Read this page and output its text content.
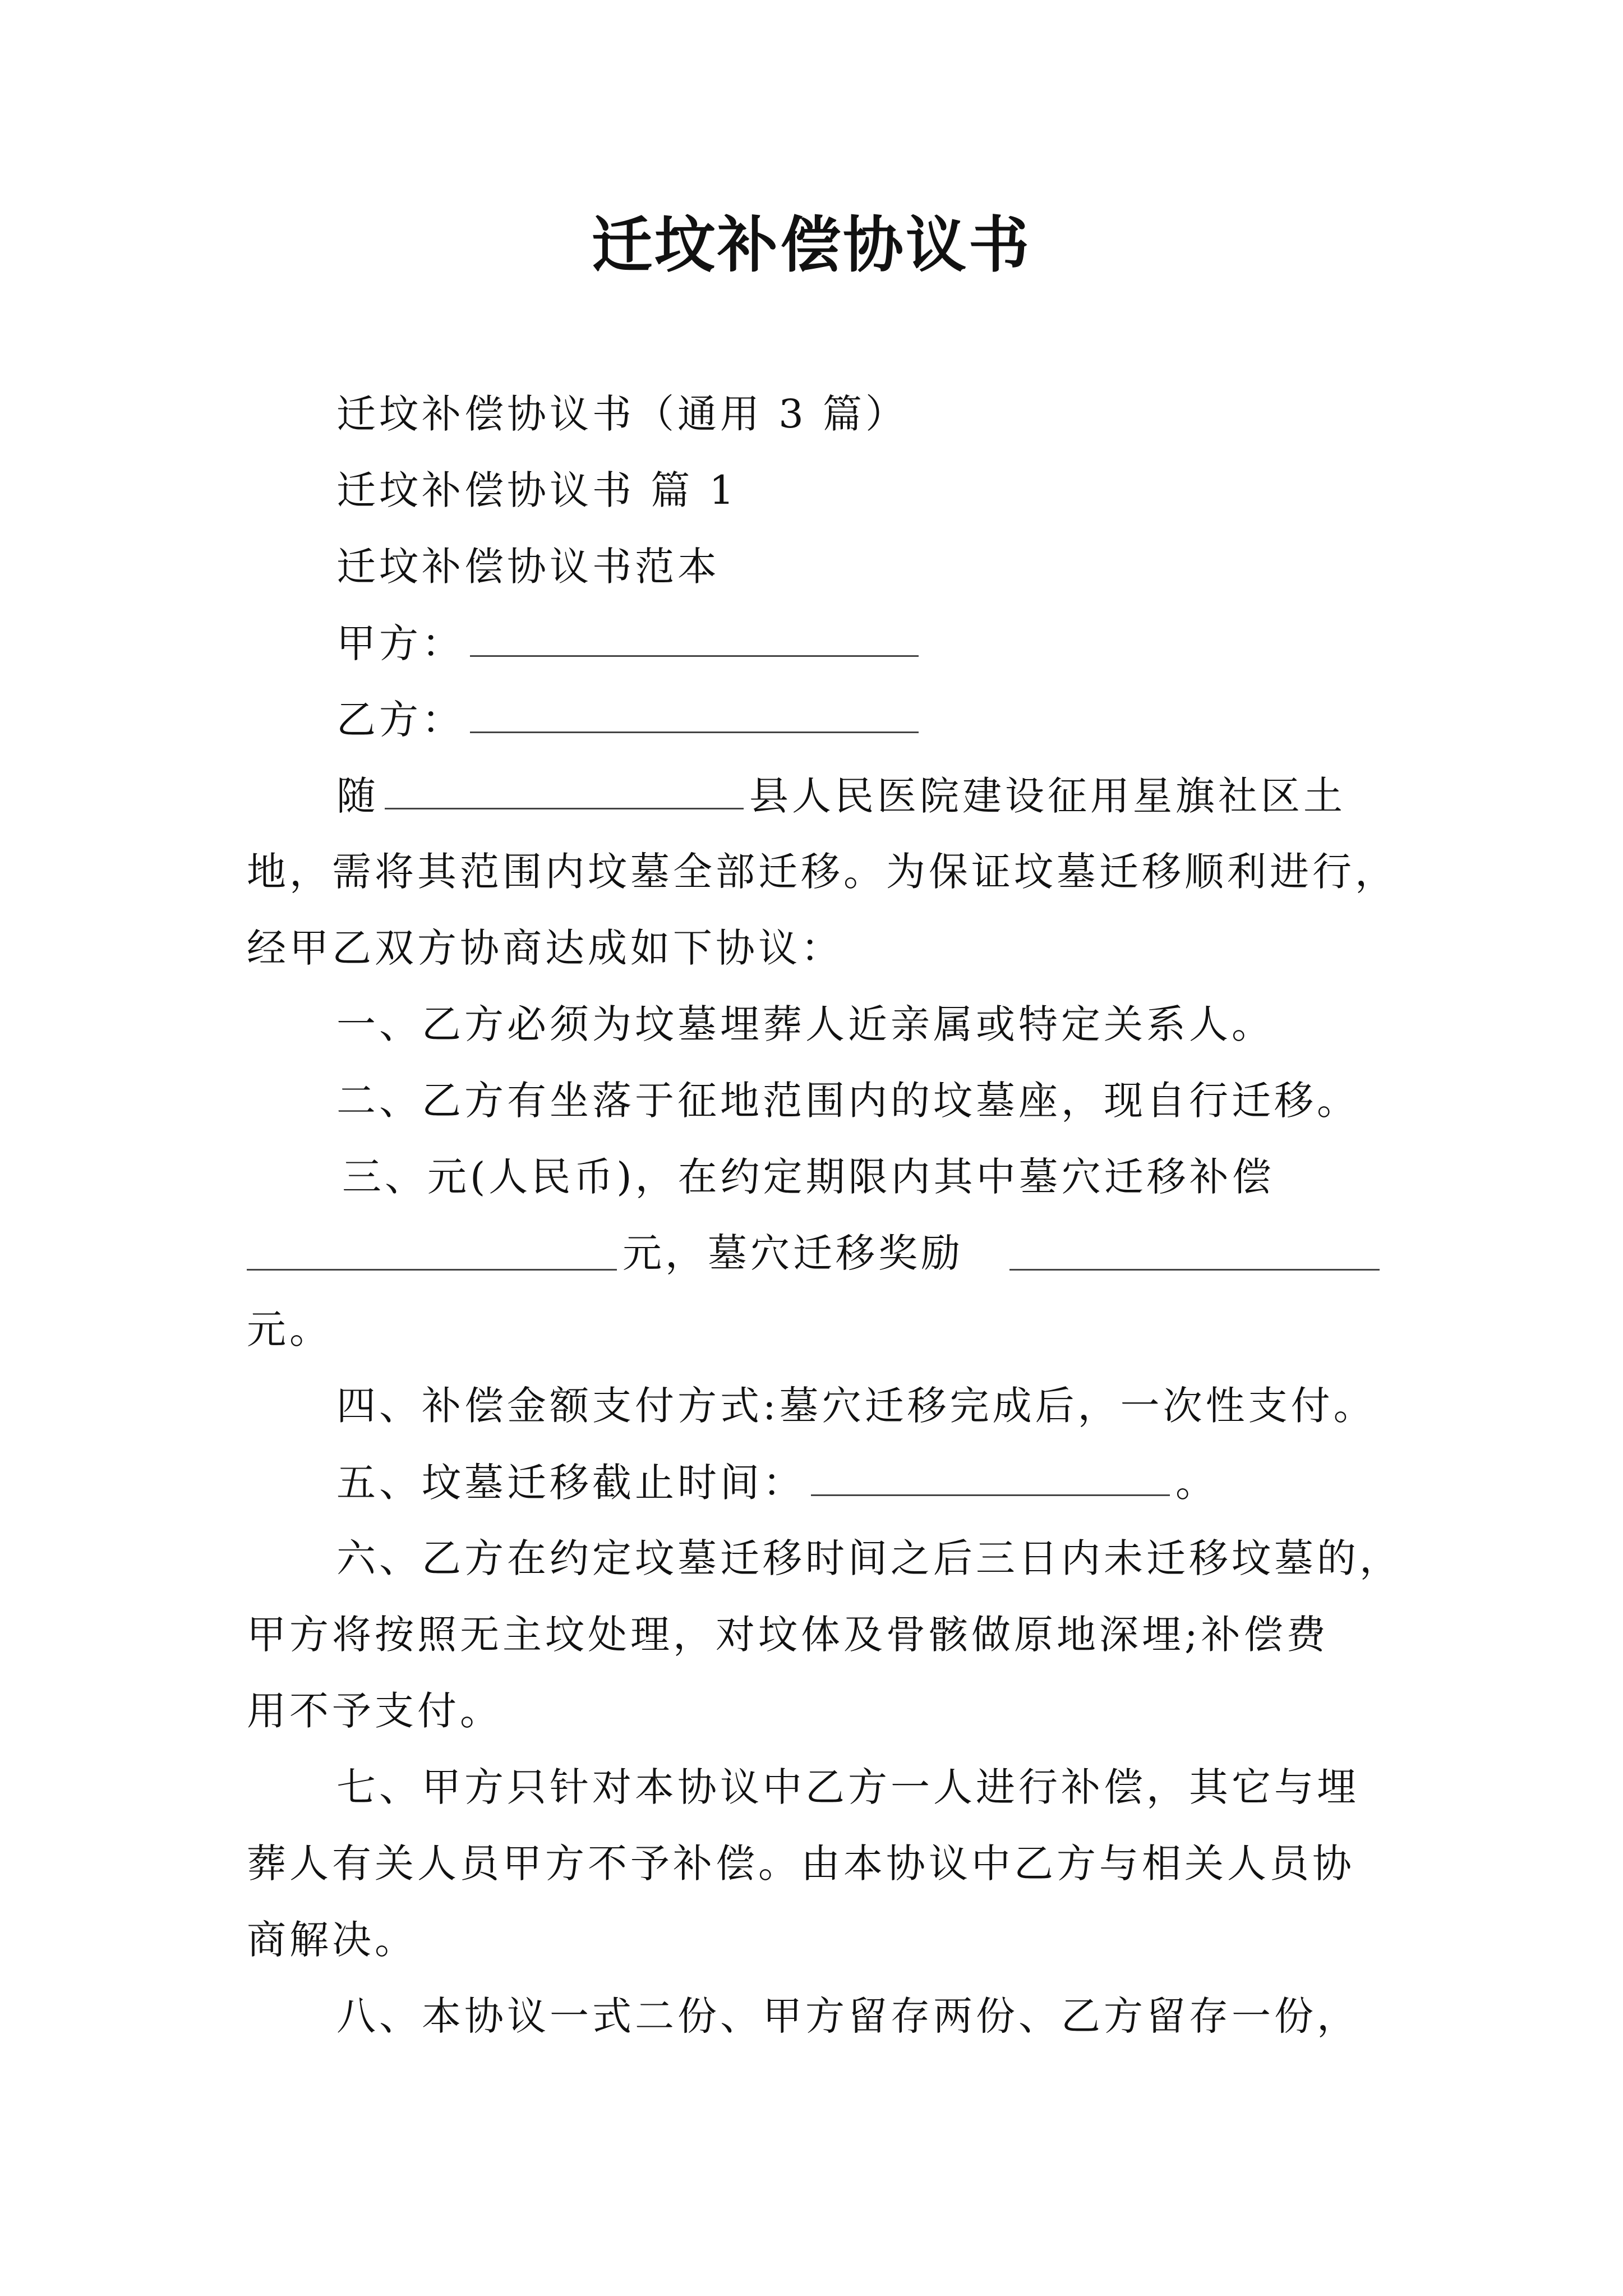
迁坟补偿协议书
迁坟补偿协议书（通用 3 篇）
迁坟补偿协议书 篇 1
迁坟补偿协议书范本
甲方：
乙方：
随	县人民医院建设征用星旗社区土
地，需将其范围内坟墓全部迁移。为保证坟墓迁移顺利进行，
经甲乙双方协商达成如下协议：
一、乙方必须为坟墓埋葬人近亲属或特定关系人。
二、乙方有坐落于征地范围内的坟墓座，现自行迁移。
三、元(人民币)，在约定期限内其中墓穴迁移补偿
元，墓穴迁移奖励
元。
四、补偿金额支付方式:墓穴迁移完成后，一次性支付。
五、坟墓迁移截止时间：	。
六、乙方在约定坟墓迁移时间之后三日内未迁移坟墓的，
甲方将按照无主坟处理，对坟体及骨骸做原地深埋;补偿费
用不予支付。
七、甲方只针对本协议中乙方一人进行补偿，其它与埋
葬人有关人员甲方不予补偿。由本协议中乙方与相关人员协
商解决。
八、本协议一式二份、甲方留存两份、乙方留存一份，
